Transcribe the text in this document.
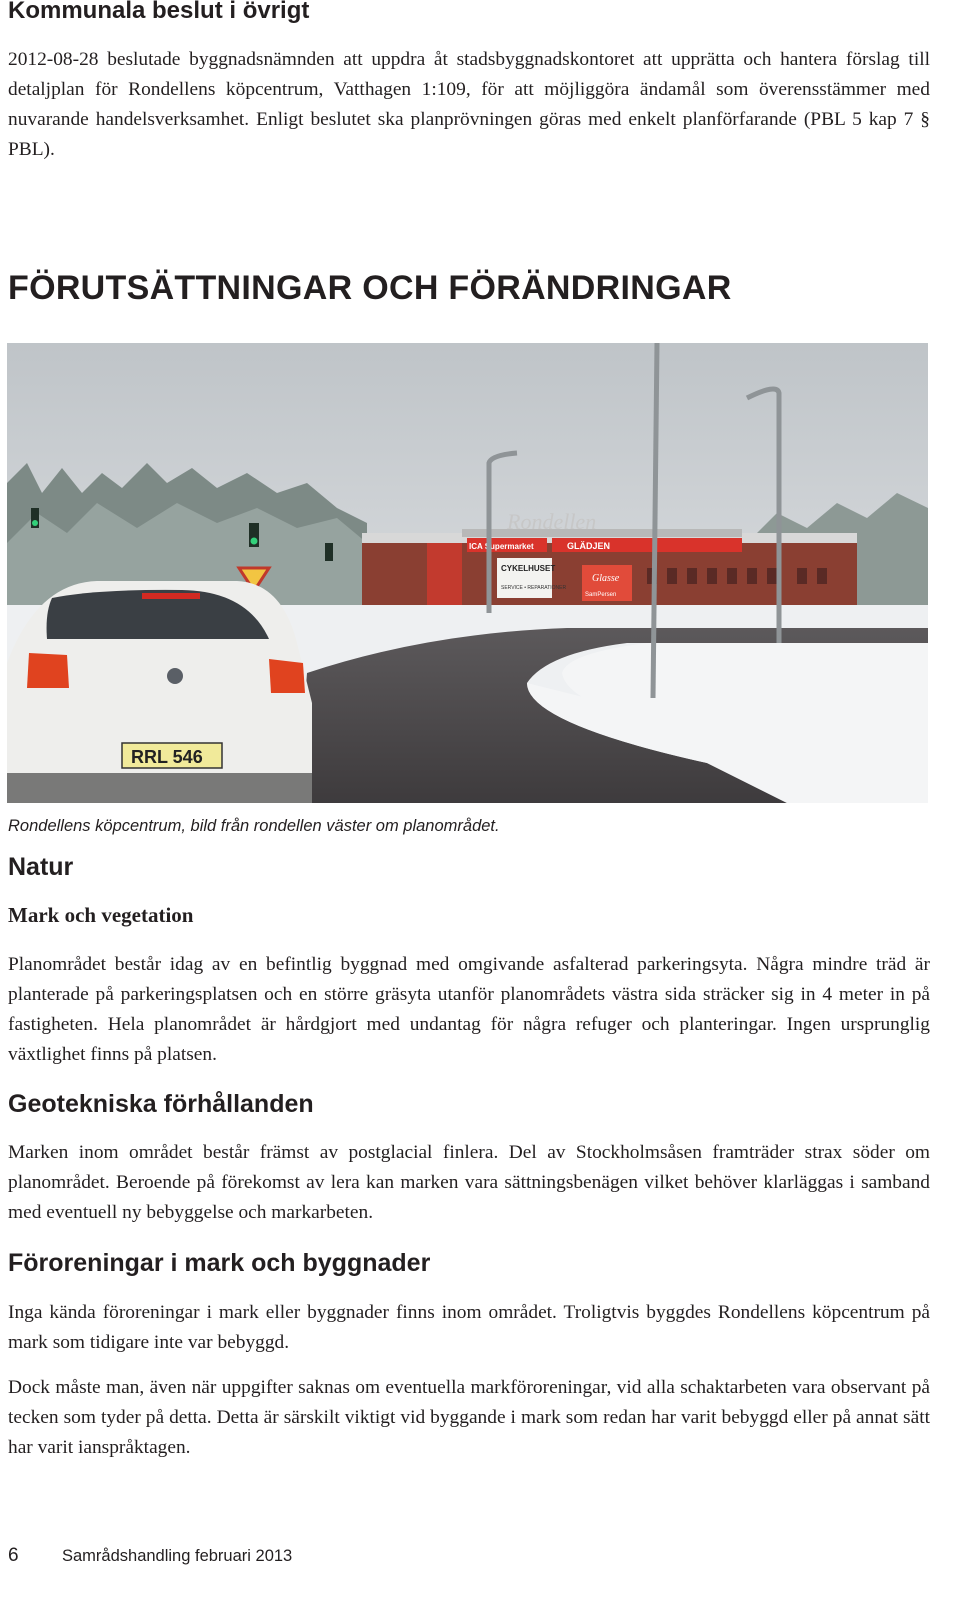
Kommunala beslut i övrigt

2012-08-28 beslutade byggnadsnämnden att uppdra åt stadsbyggnadskontoret att upprätta och hantera förslag till detaljplan för Rondellens köpcentrum, Vatthagen 1:109, för att möjliggöra ändamål som överensstämmer med nuvarande handelsverksamhet. Enligt beslutet ska planprövningen göras med enkelt planförfarande (PBL 5 kap 7 § PBL).

FÖRUTSÄTTNINGAR OCH FÖRÄNDRINGAR
Rondellen
ICA Supermarket	GLÄDJEN
CYKELHUSET
SERVICE • REPARATIONER
Glasse
SamPersen
RRL 546

Rondellens köpcentrum, bild från rondellen väster om planområdet.

Natur
Mark och vegetation

Planområdet består idag av en befintlig byggnad med omgivande asfalterad parkeringsyta. Några mindre träd är planterade på parkeringsplatsen och en större gräsyta utanför planområdets västra sida sträcker sig in 4 meter in på fastigheten. Hela planområdet är hårdgjort med undantag för några refuger och planteringar. Ingen ursprunglig växtlighet finns på platsen.

Geotekniska förhållanden

Marken inom området består främst av postglacial finlera. Del av Stockholmsåsen framträder strax söder om planområdet. Beroende på förekomst av lera kan marken vara sättningsbenägen vilket behöver klarläggas i samband med eventuell ny bebyggelse och markarbeten.

Föroreningar i mark och byggnader

Inga kända föroreningar i mark eller byggnader finns inom området. Troligtvis byggdes Rondellens köpcentrum på mark som tidigare inte var bebyggd.

Dock måste man, även när uppgifter saknas om eventuella markföroreningar, vid alla schaktarbeten vara observant på tecken som tyder på detta. Detta är särskilt viktigt vid byggande i mark som redan har varit bebyggd eller på annat sätt har varit ianspråktagen.

6	Samrådshandling februari 2013
